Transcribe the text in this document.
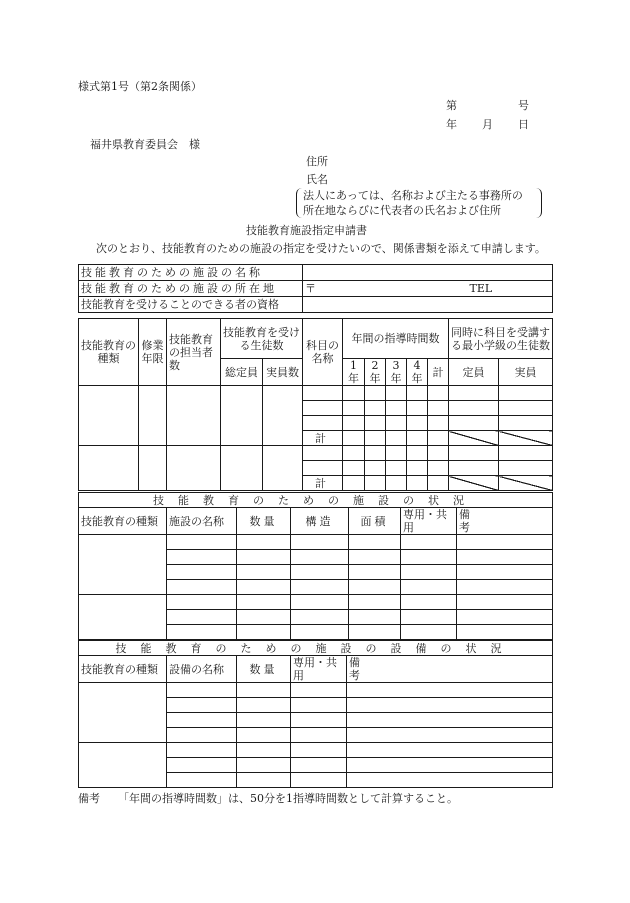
様式第1号（第2条関係）
第	号
年 月 日
福井県教育委員会　様
住所
氏名
法人にあっては、名称および主たる事務所の
所在地ならびに代表者の氏名および住所
技能教育施設指定申請書
次のとおり、技能教育のための施設の指定を受けたいので、関係書類を添えて申請します。
技能教育のための施設の名称	
技能教育のための施設の所在地	〒 TEL
技能教育を受けることのできる者の資格	
技能教育の種類	修業年限	技能教育の担当者数	技能教育を受ける生徒数		科目の名称	年間の指導時間数					同時に科目を受講する最小学級の生徒数	
			総定員	実員数		1年	2年	3年	4年	計	定員	実員

					計							

					計							
技能教育のための施設の状況						
技能教育の種類	施設の名称	数量	構造	面積	専用・共用	備考

技能教育のための施設の設備の状況				
技能教育の種類	設備の名称	数量	専用・共用	備考

備考 「年間の指導時間数」は、50分を1指導時間数として計算すること。
